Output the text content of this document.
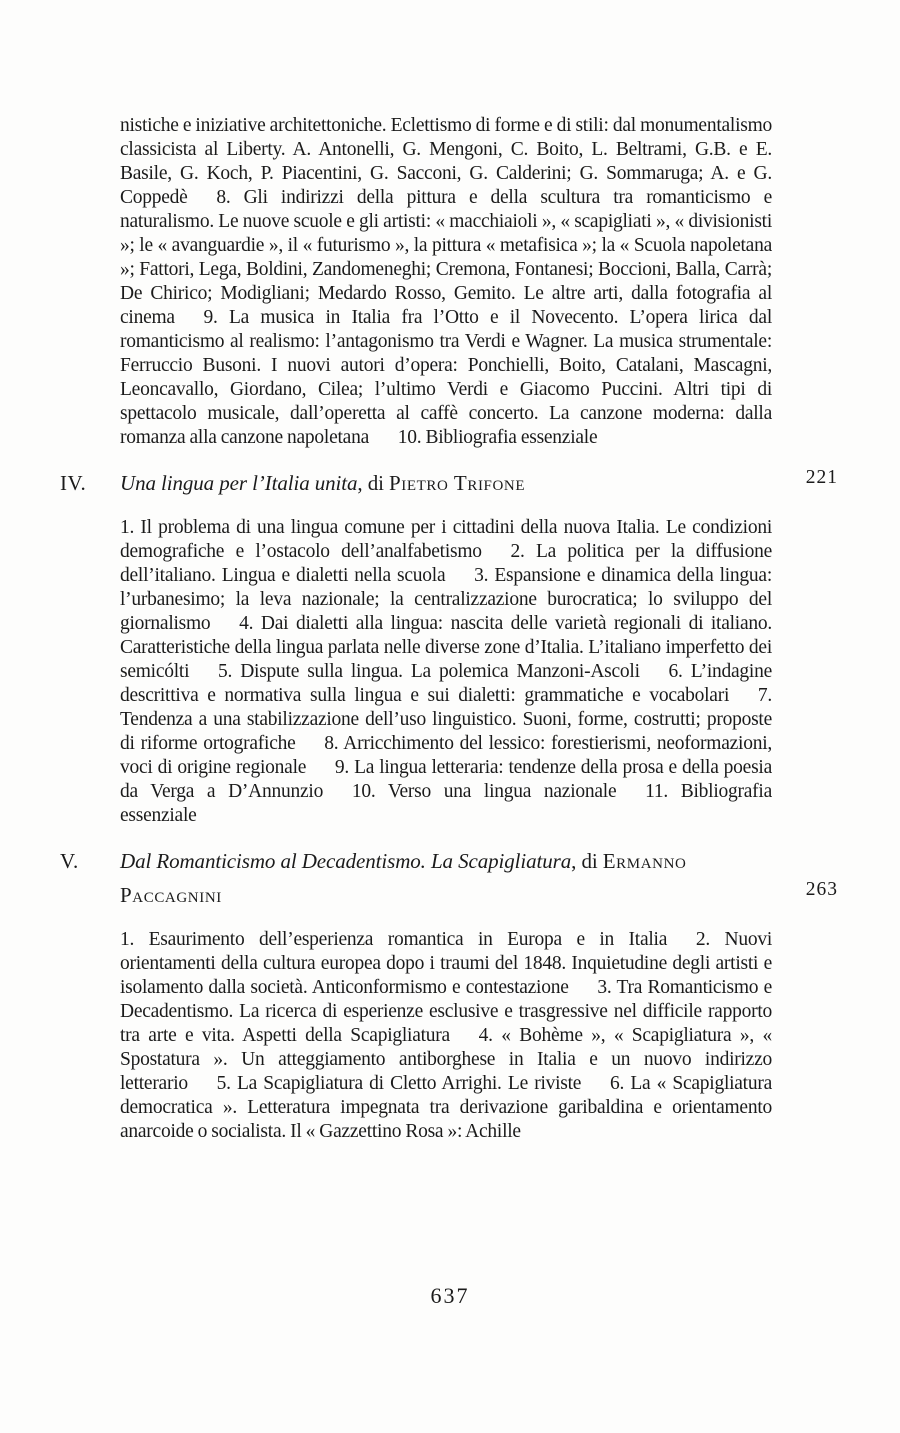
nistiche e iniziative architettoniche. Eclettismo di forme e di stili: dal monumentalismo classicista al Liberty. A. Antonelli, G. Mengoni, C. Boito, L. Beltrami, G.B. e E. Basile, G. Koch, P. Piacentini, G. Sacconi, G. Calderini; G. Sommaruga; A. e G. Coppedè  8. Gli indirizzi della pittura e della scultura tra romanticismo e naturalismo. Le nuove scuole e gli artisti: « macchiaioli », « scapigliati », « divisionisti »; le « avanguardie », il « futurismo », la pittura « metafisica »; la « Scuola napoletana »; Fattori, Lega, Boldini, Zandomeneghi; Cremona, Fontanesi; Boccioni, Balla, Carrà; De Chirico; Modigliani; Medardo Rosso, Gemito. Le altre arti, dalla fotografia al cinema  9. La musica in Italia fra l’Otto e il Novecento. L’opera lirica dal romanticismo al realismo: l’antagonismo tra Verdi e Wagner. La musica strumentale: Ferruccio Busoni. I nuovi autori d’opera: Ponchielli, Boito, Catalani, Mascagni, Leoncavallo, Giordano, Cilea; l’ultimo Verdi e Giacomo Puccini. Altri tipi di spettacolo musicale, dall’operetta al caffè concerto. La canzone moderna: dalla romanza alla canzone napoletana  10. Bibliografia essenziale

IV. Una lingua per l’Italia unita, di Pietro Trifone	221

1. Il problema di una lingua comune per i cittadini della nuova Italia. Le condizioni demografiche e l’ostacolo dell’analfabetismo  2. La politica per la diffusione dell’italiano. Lingua e dialetti nella scuola  3. Espansione e dinamica della lingua: l’urbanesimo; la leva nazionale; la centralizzazione burocratica; lo sviluppo del giornalismo  4. Dai dialetti alla lingua: nascita delle varietà regionali di italiano. Caratteristiche della lingua parlata nelle diverse zone d’Italia. L’italiano imperfetto dei semicólti  5. Dispute sulla lingua. La polemica Manzoni-Ascoli  6. L’indagine descrittiva e normativa sulla lingua e sui dialetti: grammatiche e vocabolari  7. Tendenza a una stabilizzazione dell’uso linguistico. Suoni, forme, costrutti; proposte di riforme ortografiche  8. Arricchimento del lessico: forestierismi, neoformazioni, voci di origine regionale  9. La lingua letteraria: tendenze della prosa e della poesia da Verga a D’Annunzio  10. Verso una lingua nazionale  11. Bibliografia essenziale

V. Dal Romanticismo al Decadentismo. La Scapigliatura, di Ermanno Paccagnini	263

1. Esaurimento dell’esperienza romantica in Europa e in Italia  2. Nuovi orientamenti della cultura europea dopo i traumi del 1848. Inquietudine degli artisti e isolamento dalla società. Anticonformismo e contestazione  3. Tra Romanticismo e Decadentismo. La ricerca di esperienze esclusive e trasgressive nel difficile rapporto tra arte e vita. Aspetti della Scapigliatura  4. « Bohème », « Scapigliatura », « Spostatura ». Un atteggiamento antiborghese in Italia e un nuovo indirizzo letterario  5. La Scapigliatura di Cletto Arrighi. Le riviste  6. La « Scapigliatura democratica ». Letteratura impegnata tra derivazione garibaldina e orientamento anarcoide o socialista. Il « Gazzettino Rosa »: Achille

637
